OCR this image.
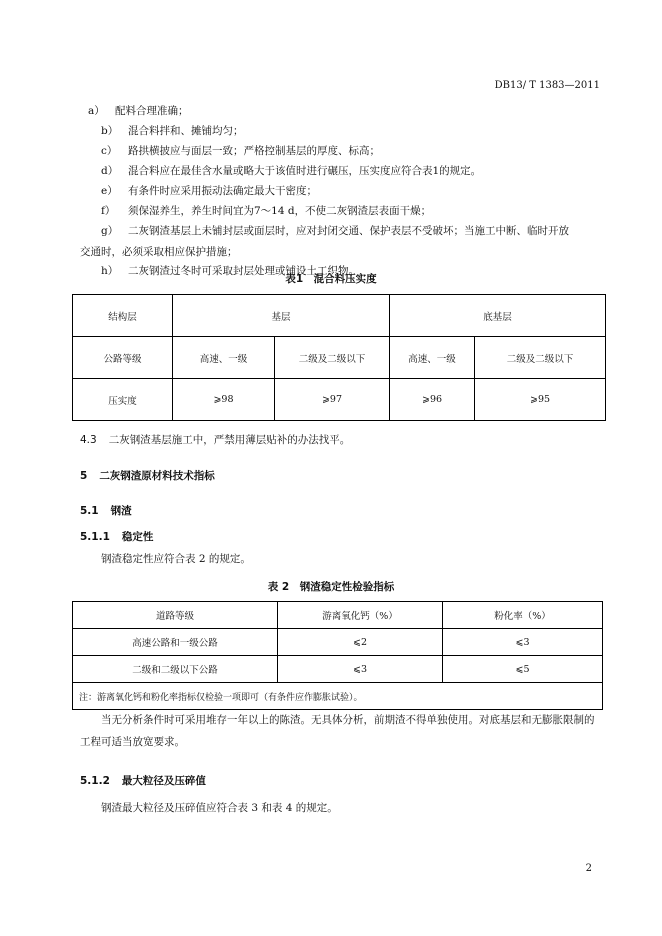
DB13/ T 1383—2011
a） 配料合理准确；
b） 混合料拌和、摊铺均匀；
c） 路拱横披应与面层一致；严格控制基层的厚度、标高；
d） 混合料应在最佳含水量或略大于该值时进行碾压，压实度应符合表1的规定。
e） 有条件时应采用振动法确定最大干密度；
f） 须保湿养生，养生时间宜为7～14 d，不使二灰钢渣层表面干燥；
g） 二灰钢渣基层上未铺封层或面层时，应对封闭交通、保护表层不受破坏；当施工中断、临时开放
交通时，必须采取相应保护措施；
h） 二灰钢渣过冬时可采取封层处理或铺设土工织物。
表1　混合料压实度
结构层	基层		底基层	
公路等级	高速、一级	二级及二级以下	高速、一级	二级及二级以下
压实度	⩾98	⩾97	⩾96	⩾95
4.3 二灰钢渣基层施工中，严禁用薄层贴补的办法找平。
5 二灰钢渣原材料技术指标
5.1 钢渣
5.1.1 稳定性
钢渣稳定性应符合表 2 的规定。
表 2　钢渣稳定性检验指标
道路等级	游离氧化钙（%）	粉化率（%）
高速公路和一级公路	⩽2	⩽3
二级和二级以下公路	⩽3	⩽5
注：游离氧化钙和粉化率指标仅检验一项即可（有条件应作膨胀试验）。		
当无分析条件时可采用堆存一年以上的陈渣。无具体分析，前期渣不得单独使用。对底基层和无膨胀限制的工程可适当放宽要求。
5.1.2 最大粒径及压碎值
钢渣最大粒径及压碎值应符合表 3 和表 4 的规定。
2
